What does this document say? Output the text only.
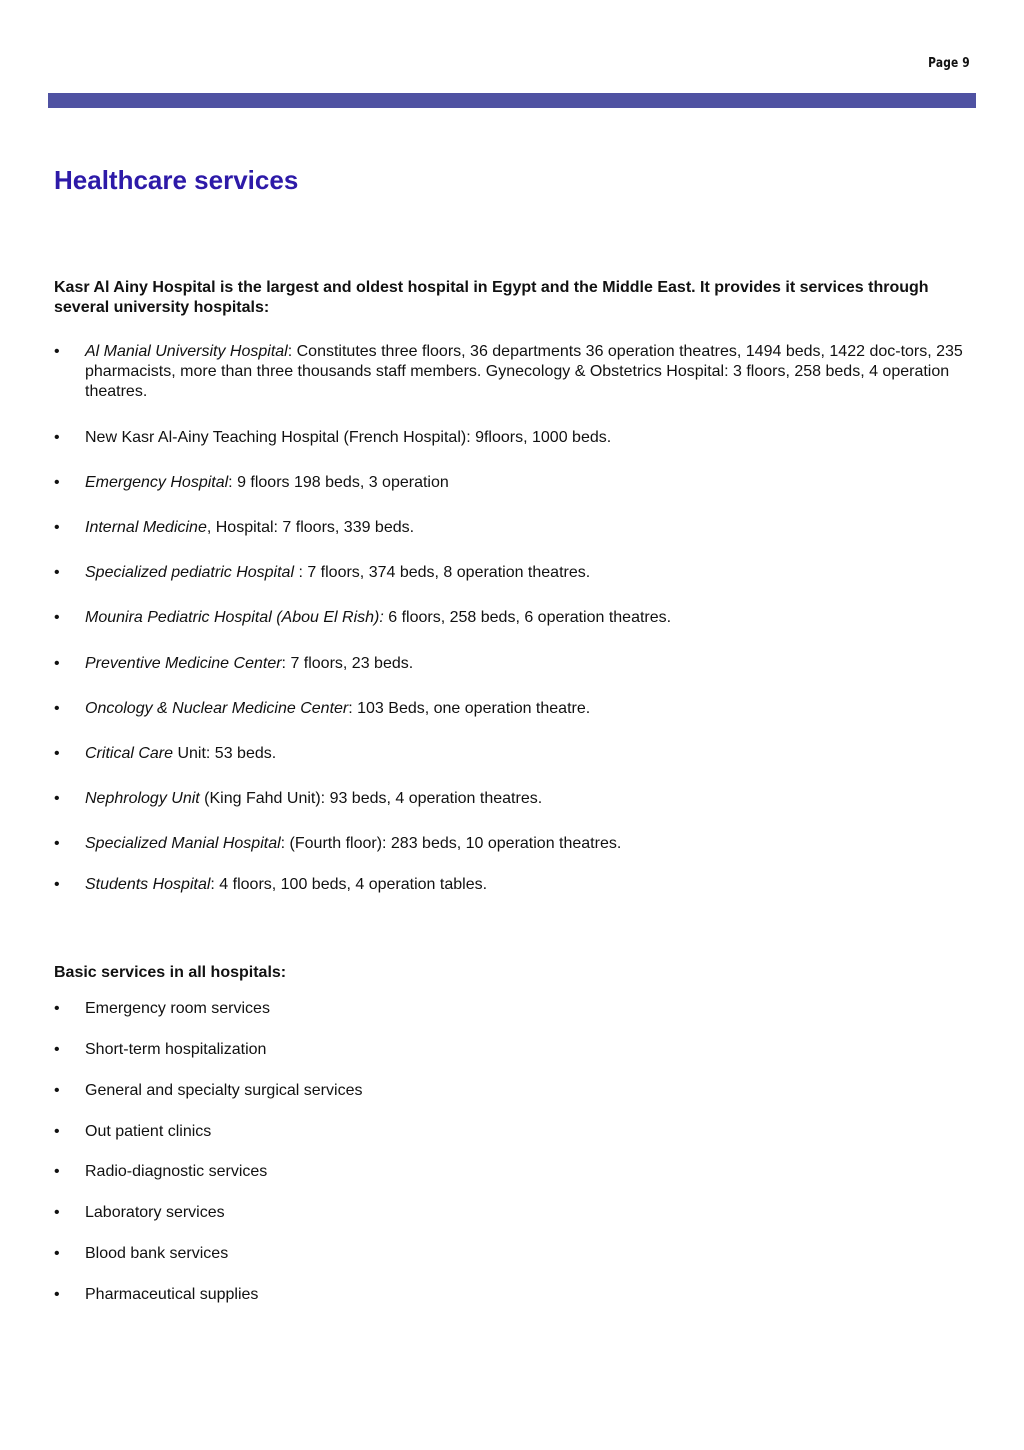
Page 9
Healthcare services

Kasr Al Ainy Hospital is the largest and oldest hospital in Egypt and the Middle East. It provides it services through several university hospitals:

• Al Manial University Hospital: Constitutes three floors, 36 departments 36 operation theatres, 1494 beds, 1422 doc-tors, 235 pharmacists, more than three thousands staff members. Gynecology & Obstetrics Hospital: 3 floors, 258 beds, 4 operation theatres.
• New Kasr Al-Ainy Teaching Hospital (French Hospital): 9floors, 1000 beds.
• Emergency Hospital: 9 floors 198 beds, 3 operation
• Internal Medicine, Hospital: 7 floors, 339 beds.
• Specialized pediatric Hospital : 7 floors, 374 beds, 8 operation theatres.
• Mounira Pediatric Hospital (Abou El Rish): 6 floors, 258 beds, 6 operation theatres.
• Preventive Medicine Center: 7 floors, 23 beds.
• Oncology & Nuclear Medicine Center: 103 Beds, one operation theatre.
• Critical Care Unit: 53 beds.
• Nephrology Unit (King Fahd Unit): 93 beds, 4 operation theatres.
• Specialized Manial Hospital: (Fourth floor): 283 beds, 10 operation theatres.
• Students Hospital: 4 floors, 100 beds, 4 operation tables.
Basic services in all hospitals:
• Emergency room services
• Short-term hospitalization
• General and specialty surgical services
• Out patient clinics
• Radio-diagnostic services
• Laboratory services
• Blood bank services
• Pharmaceutical supplies
